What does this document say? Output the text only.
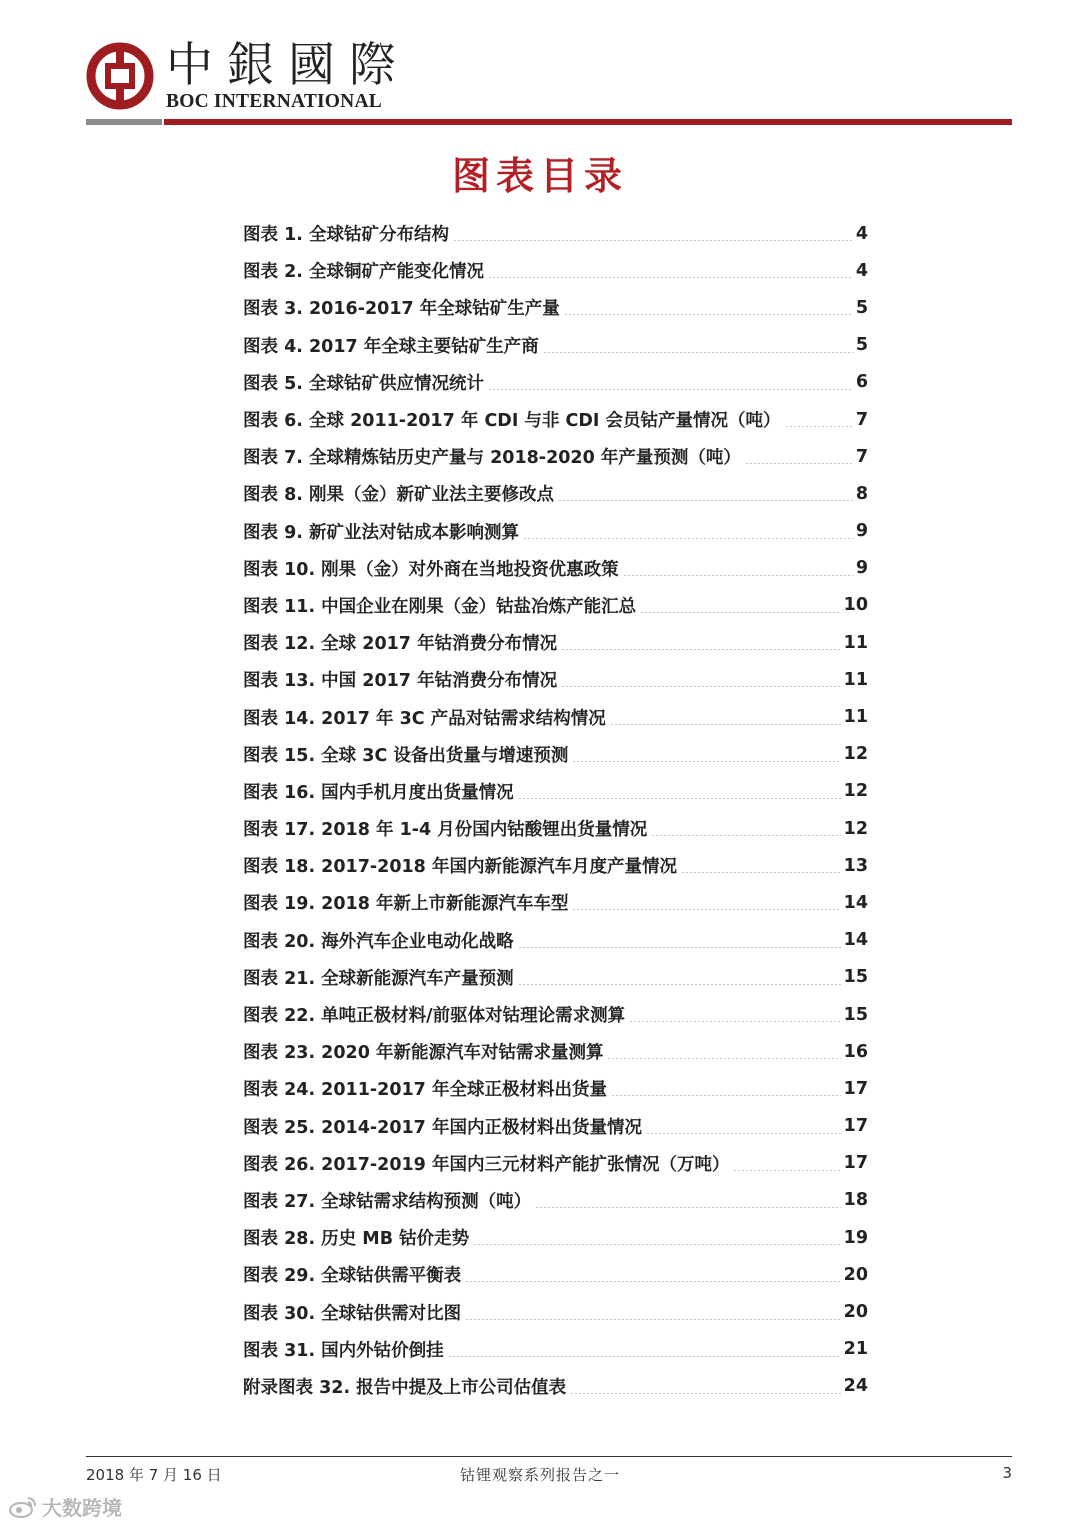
中銀國際
BOC INTERNATIONAL
图表目录
图表 1. 全球钴矿分布结构	4
图表 2. 全球铜矿产能变化情况	4
图表 3. 2016-2017 年全球钴矿生产量	5
图表 4. 2017 年全球主要钴矿生产商	5
图表 5. 全球钴矿供应情况统计	6
图表 6. 全球 2011-2017 年 CDI 与非 CDI 会员钴产量情况（吨）	7
图表 7. 全球精炼钴历史产量与 2018-2020 年产量预测（吨）	7
图表 8. 刚果（金）新矿业法主要修改点	8
图表 9. 新矿业法对钴成本影响测算	9
图表 10. 刚果（金）对外商在当地投资优惠政策	9
图表 11. 中国企业在刚果（金）钴盐冶炼产能汇总	10
图表 12. 全球 2017 年钴消费分布情况	11
图表 13. 中国 2017 年钴消费分布情况	11
图表 14. 2017 年 3C 产品对钴需求结构情况	11
图表 15. 全球 3C 设备出货量与增速预测	12
图表 16. 国内手机月度出货量情况	12
图表 17. 2018 年 1-4 月份国内钴酸锂出货量情况	12
图表 18. 2017-2018 年国内新能源汽车月度产量情况	13
图表 19. 2018 年新上市新能源汽车车型	14
图表 20. 海外汽车企业电动化战略	14
图表 21. 全球新能源汽车产量预测	15
图表 22. 单吨正极材料/前驱体对钴理论需求测算	15
图表 23. 2020 年新能源汽车对钴需求量测算	16
图表 24. 2011-2017 年全球正极材料出货量	17
图表 25. 2014-2017 年国内正极材料出货量情况	17
图表 26. 2017-2019 年国内三元材料产能扩张情况（万吨）	17
图表 27. 全球钴需求结构预测（吨）	18
图表 28. 历史 MB 钴价走势	19
图表 29. 全球钴供需平衡表	20
图表 30. 全球钴供需对比图	20
图表 31. 国内外钴价倒挂	21
附录图表 32. 报告中提及上市公司估值表	24
2018 年 7 月 16 日	钴锂观察系列报告之一	3
大数跨境
